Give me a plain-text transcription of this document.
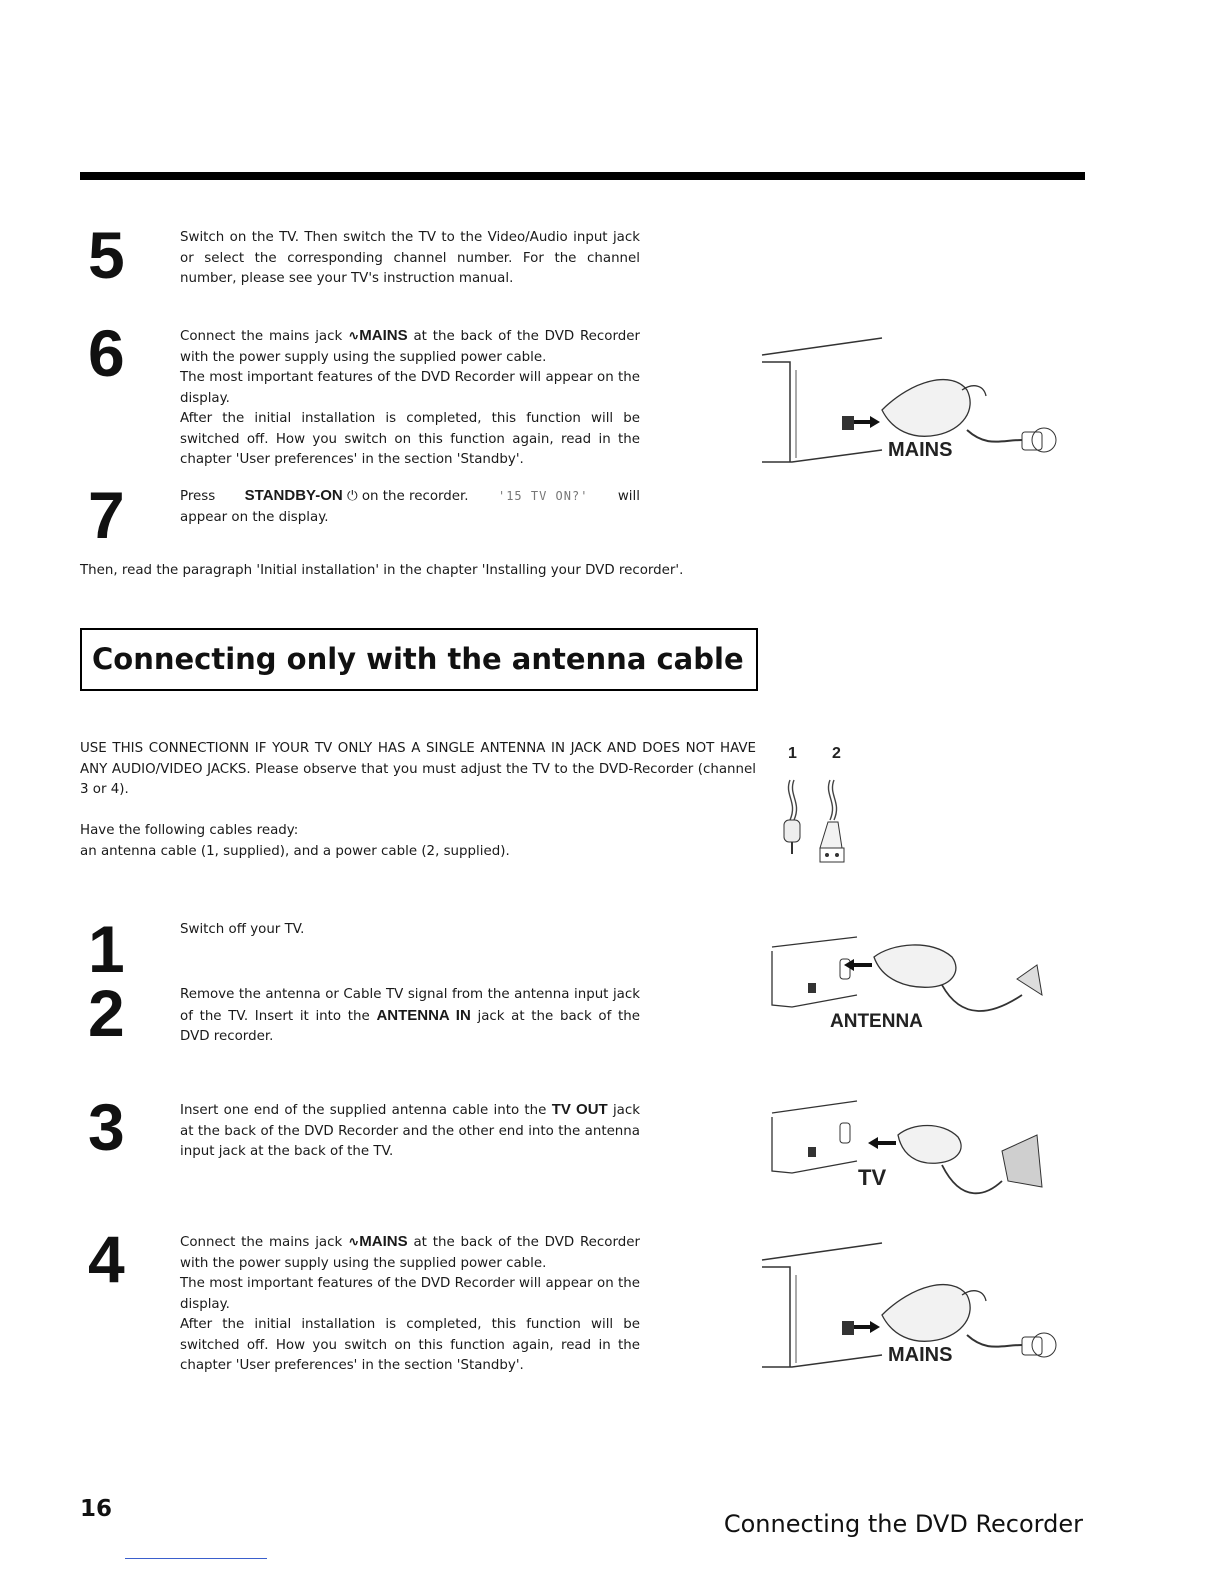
5	Switch on the TV. Then switch the TV to the Video/Audio input jack or select the corresponding channel number. For the channel number, please see your TV's instruction manual.
6	Connect the mains jack ∿MAINS at the back of the DVD Recorder with the power supply using the supplied power cable.
The most important features of the DVD Recorder will appear on the display.
After the initial installation is completed, this function will be switched off. How you switch on this function again, read in the chapter 'User preferences' in the section 'Standby'.
7	Press STANDBY-ON ⏻ on the recorder. '15 TV ON?' will
appear on the display.
Then, read the paragraph 'Initial installation' in the chapter 'Installing your DVD recorder'.
Connecting only with the antenna cable
USE THIS CONNECTIONN IF YOUR TV ONLY HAS A SINGLE ANTENNA IN JACK AND DOES NOT HAVE ANY AUDIO/VIDEO JACKS. Please observe that you must adjust the TV to the DVD-Recorder (channel 3 or 4).
Have the following cables ready:
an antenna cable (1, supplied), and a power cable (2, supplied).
1	Switch off your TV.
2	Remove the antenna or Cable TV signal from the antenna input jack of the TV. Insert it into the ANTENNA IN jack at the back of the DVD recorder.
3	Insert one end of the supplied antenna cable into the TV OUT jack at the back of the DVD Recorder and the other end into the antenna input jack at the back of the TV.
4	Connect the mains jack ∿MAINS at the back of the DVD Recorder with the power supply using the supplied power cable.
The most important features of the DVD Recorder will appear on the display.
After the initial installation is completed, this function will be switched off. How you switch on this function again, read in the chapter 'User preferences' in the section 'Standby'.
MAINS
1 2
ANTENNA
TV
MAINS
16
Connecting the DVD Recorder
